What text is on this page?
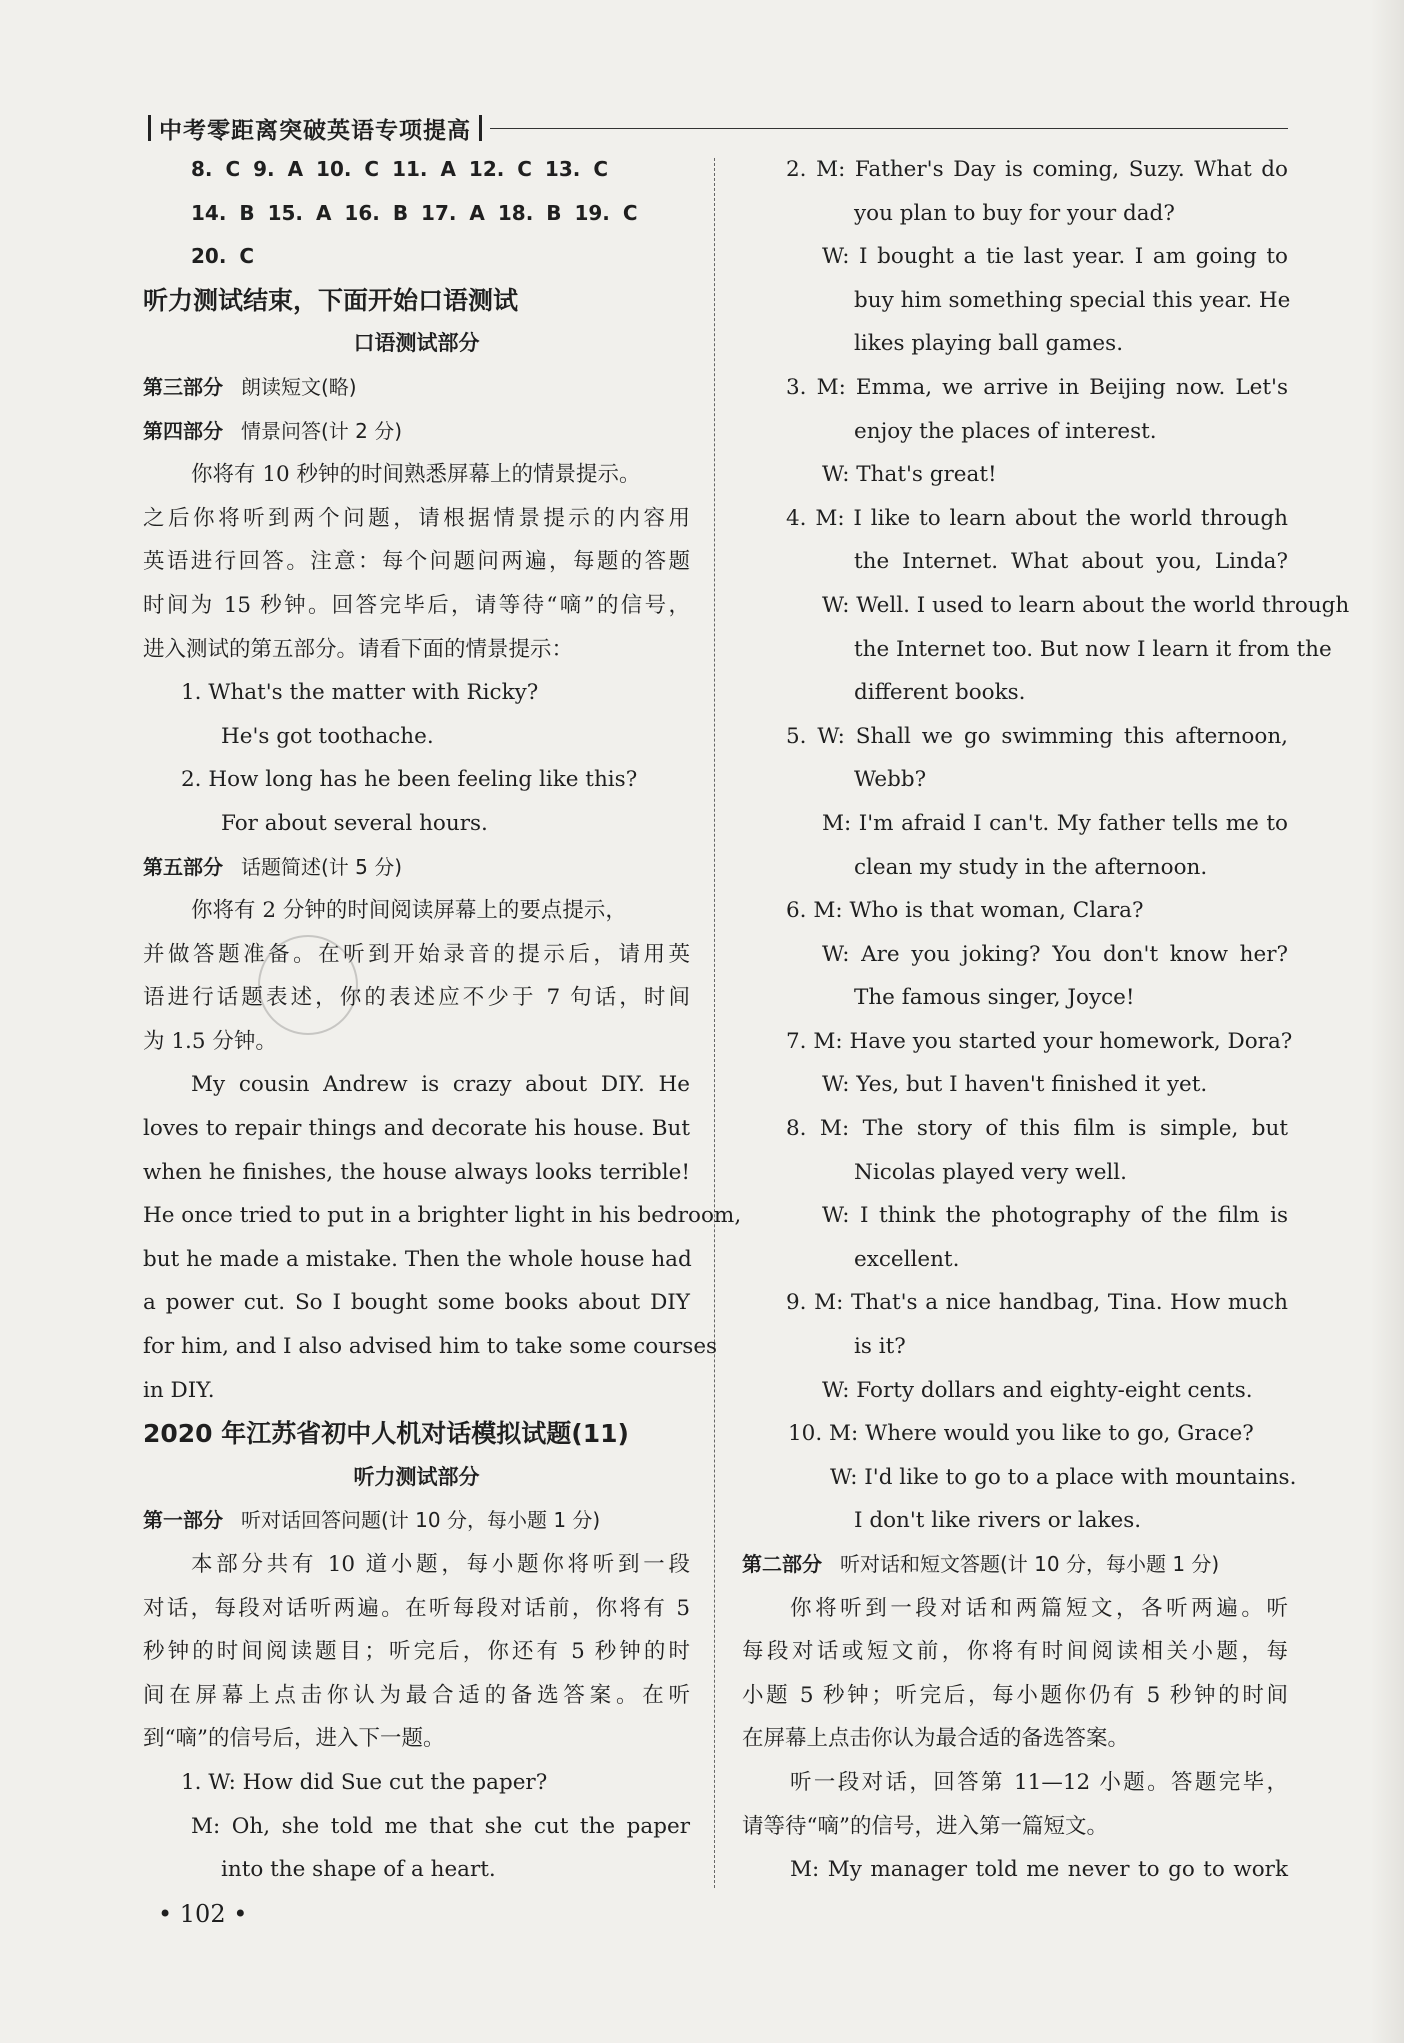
中考零距离突破英语专项提高
8. C 9. A 10. C 11. A 12. C 13. C
14. B 15. A 16. B 17. A 18. B 19. C
20. C
听力测试结束，下面开始口语测试
口语测试部分
第三部分 朗读短文(略)
第四部分 情景问答(计 2 分)
你将有 10 秒钟的时间熟悉屏幕上的情景提示。
之后你将听到两个问题，请根据情景提示的内容用
英语进行回答。注意：每个问题问两遍，每题的答题
时间为 15 秒钟。回答完毕后，请等待“嘀”的信号，
进入测试的第五部分。请看下面的情景提示：
1. What's the matter with Ricky?
He's got toothache.
2. How long has he been feeling like this?
For about several hours.
第五部分 话题简述(计 5 分)
你将有 2 分钟的时间阅读屏幕上的要点提示，
并做答题准备。在听到开始录音的提示后，请用英
语进行话题表述，你的表述应不少于 7 句话，时间
为 1.5 分钟。
My cousin Andrew is crazy about DIY. He
loves to repair things and decorate his house. But
when he finishes, the house always looks terrible!
He once tried to put in a brighter light in his bedroom,
but he made a mistake. Then the whole house had
a power cut. So I bought some books about DIY
for him, and I also advised him to take some courses
in DIY.
2020 年江苏省初中人机对话模拟试题(11)
听力测试部分
第一部分 听对话回答问题(计 10 分，每小题 1 分)
本部分共有 10 道小题，每小题你将听到一段
对话，每段对话听两遍。在听每段对话前，你将有 5
秒钟的时间阅读题目；听完后，你还有 5 秒钟的时
间在屏幕上点击你认为最合适的备选答案。在听
到“嘀”的信号后，进入下一题。
1. W: How did Sue cut the paper?
M: Oh, she told me that she cut the paper
into the shape of a heart.
2. M: Father's Day is coming, Suzy. What do
you plan to buy for your dad?
W: I bought a tie last year. I am going to
buy him something special this year. He
likes playing ball games.
3. M: Emma, we arrive in Beijing now. Let's
enjoy the places of interest.
W: That's great!
4. M: I like to learn about the world through
the Internet. What about you, Linda?
W: Well. I used to learn about the world through
the Internet too. But now I learn it from the
different books.
5. W: Shall we go swimming this afternoon,
Webb?
M: I'm afraid I can't. My father tells me to
clean my study in the afternoon.
6. M: Who is that woman, Clara?
W: Are you joking? You don't know her?
The famous singer, Joyce!
7. M: Have you started your homework, Dora?
W: Yes, but I haven't finished it yet.
8. M: The story of this film is simple, but
Nicolas played very well.
W: I think the photography of the film is
excellent.
9. M: That's a nice handbag, Tina. How much
is it?
W: Forty dollars and eighty-eight cents.
10. M: Where would you like to go, Grace?
W: I'd like to go to a place with mountains.
I don't like rivers or lakes.
第二部分 听对话和短文答题(计 10 分，每小题 1 分)
你将听到一段对话和两篇短文，各听两遍。听
每段对话或短文前，你将有时间阅读相关小题，每
小题 5 秒钟；听完后，每小题你仍有 5 秒钟的时间
在屏幕上点击你认为最合适的备选答案。
听一段对话，回答第 11—12 小题。答题完毕，
请等待“嘀”的信号，进入第一篇短文。
M: My manager told me never to go to work
• 102 •
